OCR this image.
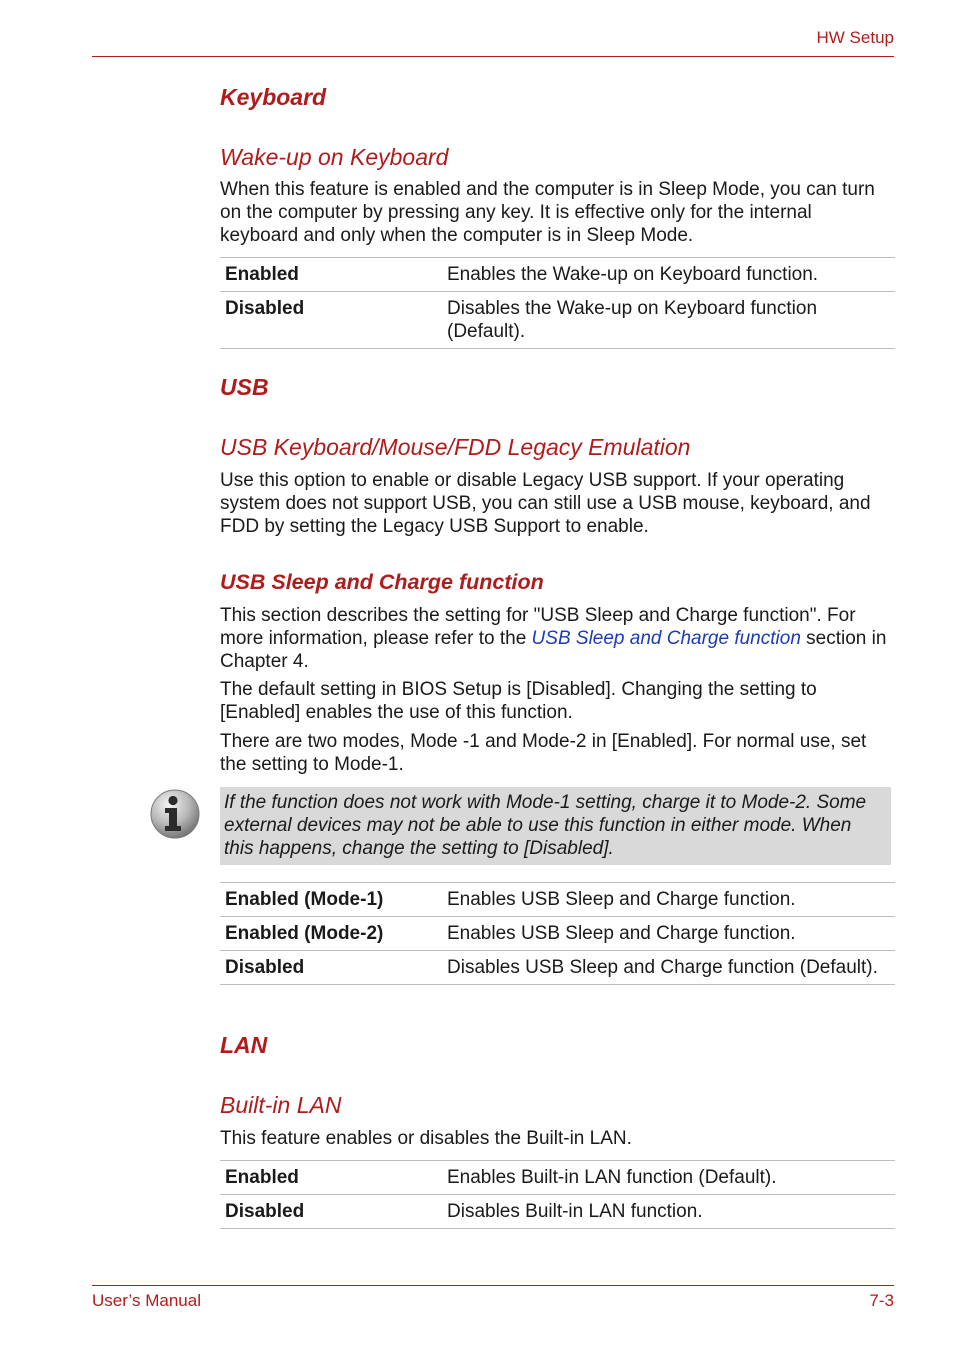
HW Setup
Keyboard
Wake-up on Keyboard
When this feature is enabled and the computer is in Sleep Mode, you can turn on the computer by pressing any key. It is effective only for the internal keyboard and only when the computer is in Sleep Mode.
Enabled	Enables the Wake-up on Keyboard function.
Disabled	Disables the Wake-up on Keyboard function (Default).
USB
USB Keyboard/Mouse/FDD Legacy Emulation
Use this option to enable or disable Legacy USB support. If your operating system does not support USB, you can still use a USB mouse, keyboard, and FDD by setting the Legacy USB Support to enable.
USB Sleep and Charge function
This section describes the setting for "USB Sleep and Charge function". For more information, please refer to the USB Sleep and Charge function section in Chapter 4.
The default setting in BIOS Setup is [Disabled]. Changing the setting to [Enabled] enables the use of this function.
There are two modes, Mode -1 and Mode-2 in [Enabled]. For normal use, set the setting to Mode-1.
If the function does not work with Mode-1 setting, charge it to Mode-2. Some external devices may not be able to use this function in either mode. When this happens, change the setting to [Disabled].
Enabled (Mode-1)	Enables USB Sleep and Charge function.
Enabled (Mode-2)	Enables USB Sleep and Charge function.
Disabled	Disables USB Sleep and Charge function (Default).
LAN
Built-in LAN
This feature enables or disables the Built-in LAN.
Enabled	Enables Built-in LAN function (Default).
Disabled	Disables Built-in LAN function.
User’s Manual	7-3
